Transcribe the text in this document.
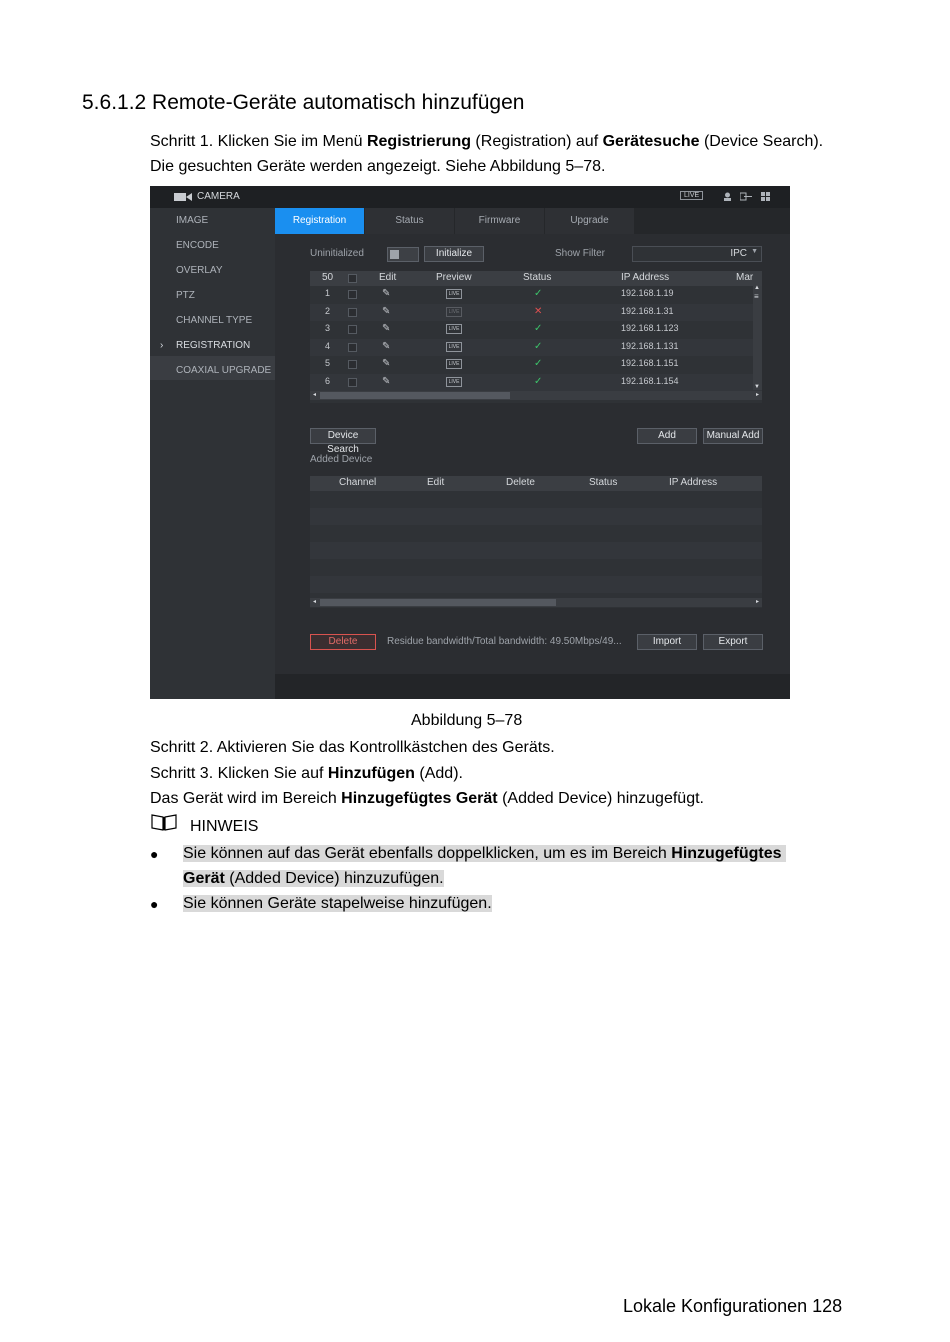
5.6.1.2 Remote-Geräte automatisch hinzufügen
Schritt 1. Klicken Sie im Menü Registrierung (Registration) auf Gerätesuche (Device Search).
Die gesuchten Geräte werden angezeigt. Siehe Abbildung 5–78.
CAMERA	LIVE
IMAGE
ENCODE
OVERLAY
PTZ
CHANNEL TYPE
› REGISTRATION
COAXIAL UPGRADE
Registration	Status	Firmware	Upgrade
Uninitialized	Initialize	Show Filter	IPC ▼
50	Edit	Preview	Status	IP Address	Mar
1	✎	LIVE	✓	192.168.1.19
2	✎	LIVE	✕	192.168.1.31
3	✎	LIVE	✓	192.168.1.123
4	✎	LIVE	✓	192.168.1.131
5	✎	LIVE	✓	192.168.1.151
6	✎	LIVE	✓	192.168.1.154
▲
≡
▼
◂	▸
Device Search
Add	Manual Add
Added Device
Channel	Edit	Delete	Status	IP Address
◂	▸
Delete	Residue bandwidth/Total bandwidth: 49.50Mbps/49...	Import	Export
Abbildung 5–78
Schritt 2. Aktivieren Sie das Kontrollkästchen des Geräts.
Schritt 3. Klicken Sie auf Hinzufügen (Add).
Das Gerät wird im Bereich Hinzugefügtes Gerät (Added Device) hinzugefügt.
HINWEIS
● Sie können auf das Gerät ebenfalls doppelklicken, um es im Bereich Hinzugefügtes
Gerät (Added Device) hinzuzufügen.
● Sie können Geräte stapelweise hinzufügen.
Lokale Konfigurationen 128
